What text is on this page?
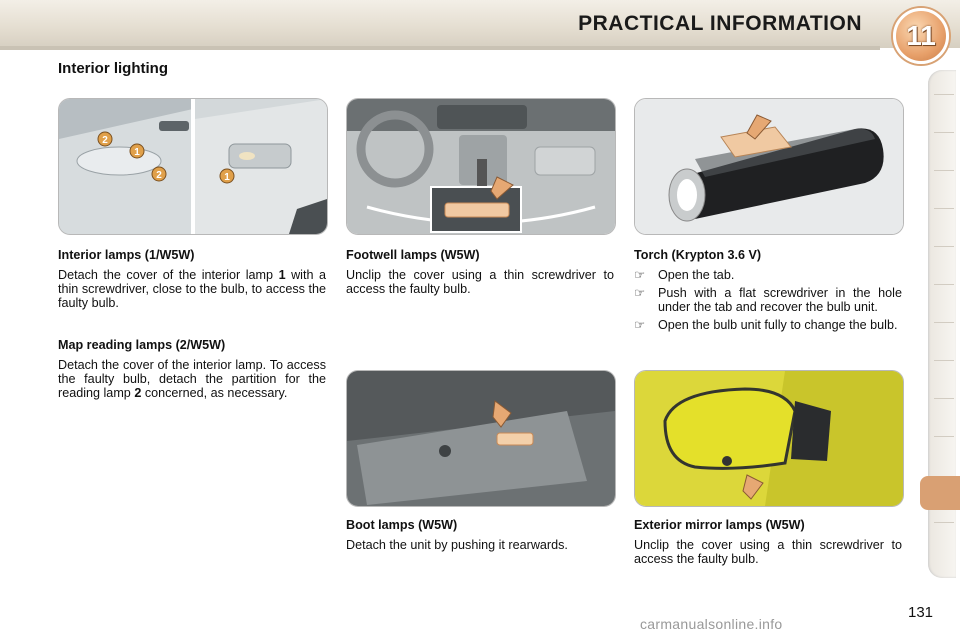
PRACTICAL INFORMATION	11
Interior lighting
2
1
2	1
Interior lamps (1/W5W)

Detach the cover of the interior lamp 1 with a thin screwdriver, close to the bulb, to access the faulty bulb.

Map reading lamps (2/W5W)

Detach the cover of the interior lamp. To access the faulty bulb, detach the partition for the reading lamp 2 concerned, as necessary.

Footwell lamps (W5W)

Unclip the cover using a thin screwdriver to access the faulty bulb.

Boot lamps (W5W)

Detach the unit by pushing it rearwards.

Torch (Krypton 3.6 V)
☞	Open the tab.
☞	Push with a flat screwdriver in the hole under the tab and recover the bulb unit.
☞	Open the bulb unit fully to change the bulb.
Exterior mirror lamps (W5W)

Unclip the cover using a thin screwdriver to access the faulty bulb.

131
carmanualsonline.info
